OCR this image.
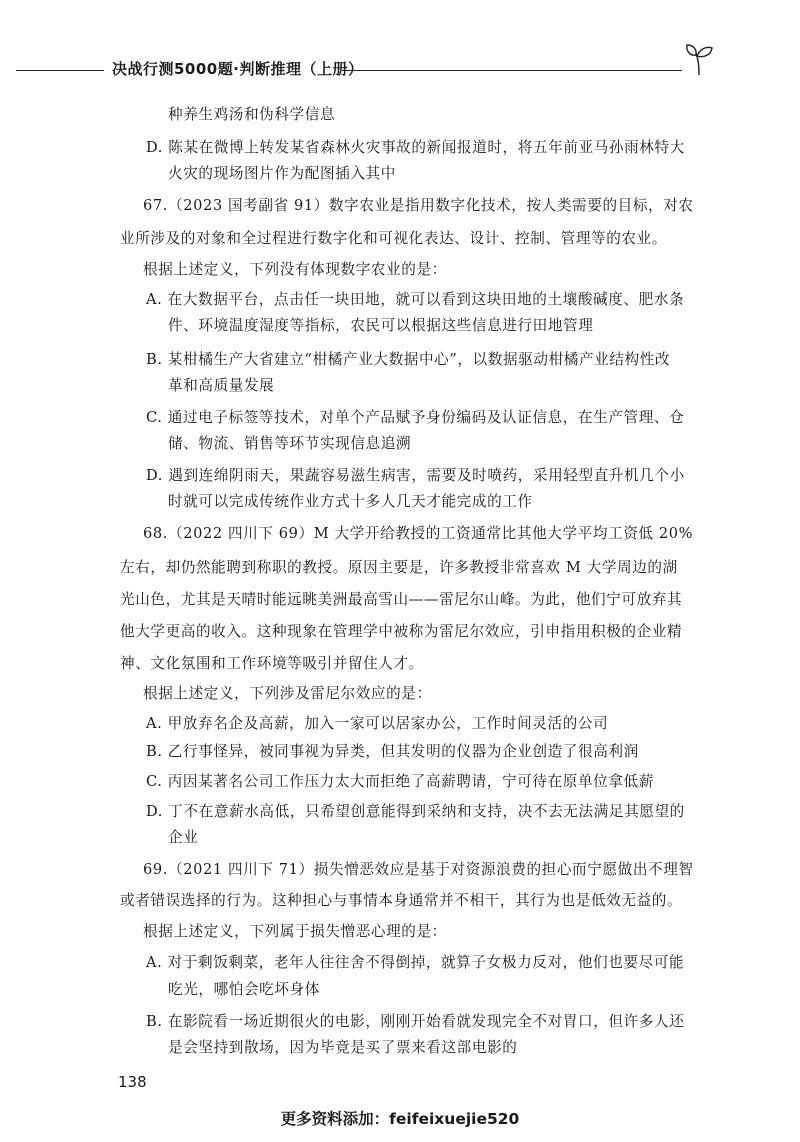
决战行测5000题·判断推理（上册）
种养生鸡汤和伪科学信息
D. 陈某在微博上转发某省森林火灾事故的新闻报道时，将五年前亚马孙雨林特大
火灾的现场图片作为配图插入其中
67.（2023 国考副省 91）数字农业是指用数字化技术，按人类需要的目标，对农
业所涉及的对象和全过程进行数字化和可视化表达、设计、控制、管理等的农业。
根据上述定义，下列没有体现数字农业的是：
A. 在大数据平台，点击任一块田地，就可以看到这块田地的土壤酸碱度、肥水条
件、环境温度湿度等指标，农民可以根据这些信息进行田地管理
B. 某柑橘生产大省建立“柑橘产业大数据中心”，以数据驱动柑橘产业结构性改
革和高质量发展
C. 通过电子标签等技术，对单个产品赋予身份编码及认证信息，在生产管理、仓
储、物流、销售等环节实现信息追溯
D. 遇到连绵阴雨天，果蔬容易滋生病害，需要及时喷药，采用轻型直升机几个小
时就可以完成传统作业方式十多人几天才能完成的工作
68.（2022 四川下 69）M 大学开给教授的工资通常比其他大学平均工资低 20%
左右，却仍然能聘到称职的教授。原因主要是，许多教授非常喜欢 M 大学周边的湖
光山色，尤其是天晴时能远眺美洲最高雪山——雷尼尔山峰。为此，他们宁可放弃其
他大学更高的收入。这种现象在管理学中被称为雷尼尔效应，引申指用积极的企业精
神、文化氛围和工作环境等吸引并留住人才。
根据上述定义，下列涉及雷尼尔效应的是：
A. 甲放弃名企及高薪，加入一家可以居家办公，工作时间灵活的公司
B. 乙行事怪异，被同事视为异类，但其发明的仪器为企业创造了很高利润
C. 丙因某著名公司工作压力太大而拒绝了高薪聘请，宁可待在原单位拿低薪
D. 丁不在意薪水高低，只希望创意能得到采纳和支持，决不去无法满足其愿望的
企业
69.（2021 四川下 71）损失憎恶效应是基于对资源浪费的担心而宁愿做出不理智
或者错误选择的行为。这种担心与事情本身通常并不相干，其行为也是低效无益的。
根据上述定义，下列属于损失憎恶心理的是：
A. 对于剩饭剩菜，老年人往往舍不得倒掉，就算子女极力反对，他们也要尽可能
吃光，哪怕会吃坏身体
B. 在影院看一场近期很火的电影，刚刚开始看就发现完全不对胃口，但许多人还
是会坚持到散场，因为毕竟是买了票来看这部电影的
138
更多资料添加：feifeixuejie520
